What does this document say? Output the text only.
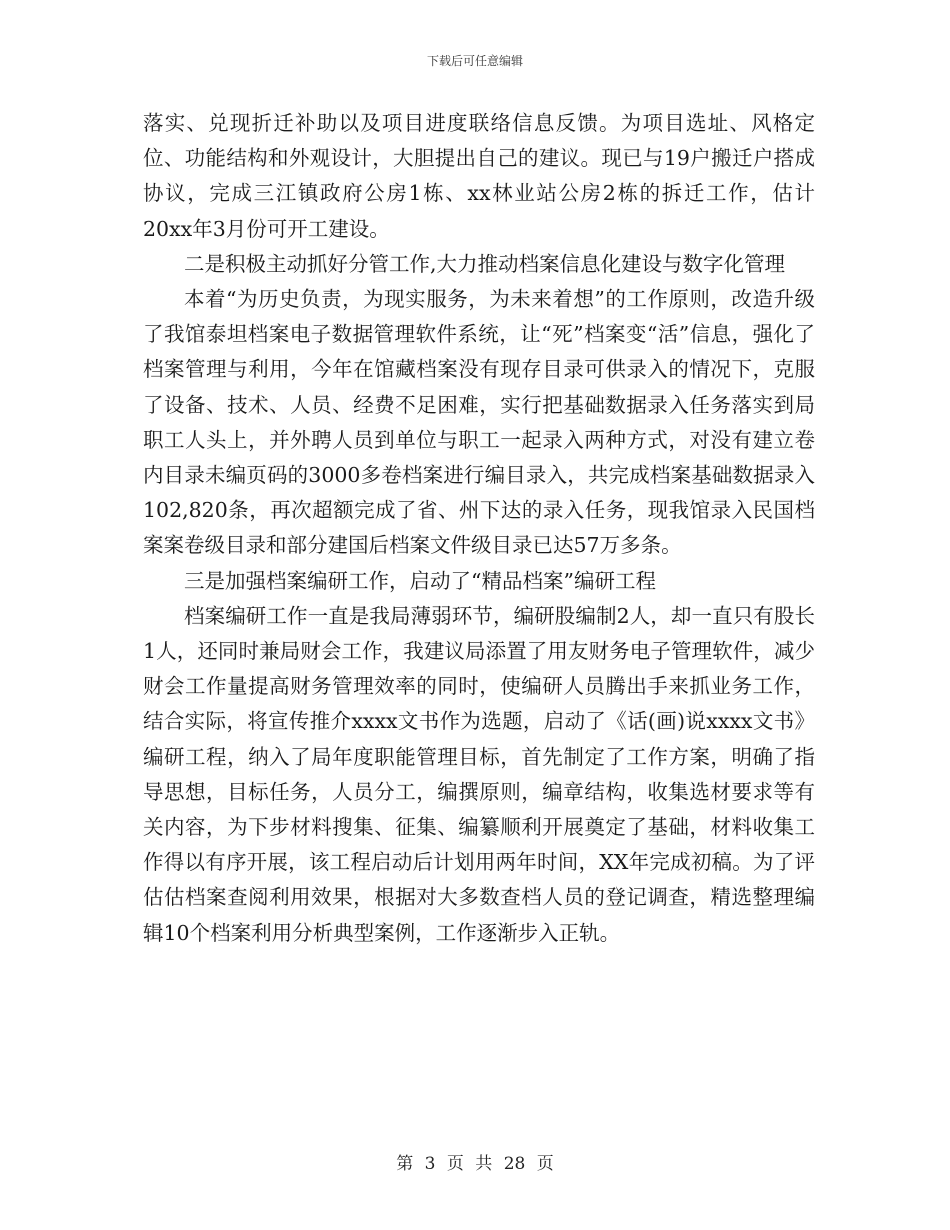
下载后可任意编辑

落实、兑现折迁补助以及项目进度联络信息反馈。为项目选址、风格定位、功能结构和外观设计，大胆提出自己的建议。现已与19户搬迁户搭成协议，完成三江镇政府公房1栋、xx林业站公房2栋的拆迁工作，估计20xx年3月份可开工建设。

二是积极主动抓好分管工作,大力推动档案信息化建设与数字化管理

本着“为历史负责，为现实服务，为未来着想”的工作原则，改造升级了我馆泰坦档案电子数据管理软件系统，让“死”档案变“活”信息，强化了档案管理与利用，今年在馆藏档案没有现存目录可供录入的情况下，克服了设备、技术、人员、经费不足困难，实行把基础数据录入任务落实到局职工人头上，并外聘人员到单位与职工一起录入两种方式，对没有建立卷内目录未编页码的3000多卷档案进行编目录入，共完成档案基础数据录入102,820条，再次超额完成了省、州下达的录入任务，现我馆录入民国档案案卷级目录和部分建国后档案文件级目录已达57万多条。

三是加强档案编研工作，启动了“精品档案”编研工程

档案编研工作一直是我局薄弱环节，编研股编制2人，却一直只有股长1人，还同时兼局财会工作，我建议局添置了用友财务电子管理软件，减少财会工作量提高财务管理效率的同时，使编研人员腾出手来抓业务工作，结合实际，将宣传推介xxxx文书作为选题，启动了《话(画)说xxxx文书》编研工程，纳入了局年度职能管理目标，首先制定了工作方案，明确了指导思想，目标任务，人员分工，编撰原则，编章结构，收集选材要求等有关内容，为下步材料搜集、征集、编纂顺利开展奠定了基础，材料收集工作得以有序开展，该工程启动后计划用两年时间，XX年完成初稿。为了评估估档案查阅利用效果，根据对大多数查档人员的登记调查，精选整理编辑10个档案利用分析典型案例，工作逐渐步入正轨。

第 3 页 共 28 页
